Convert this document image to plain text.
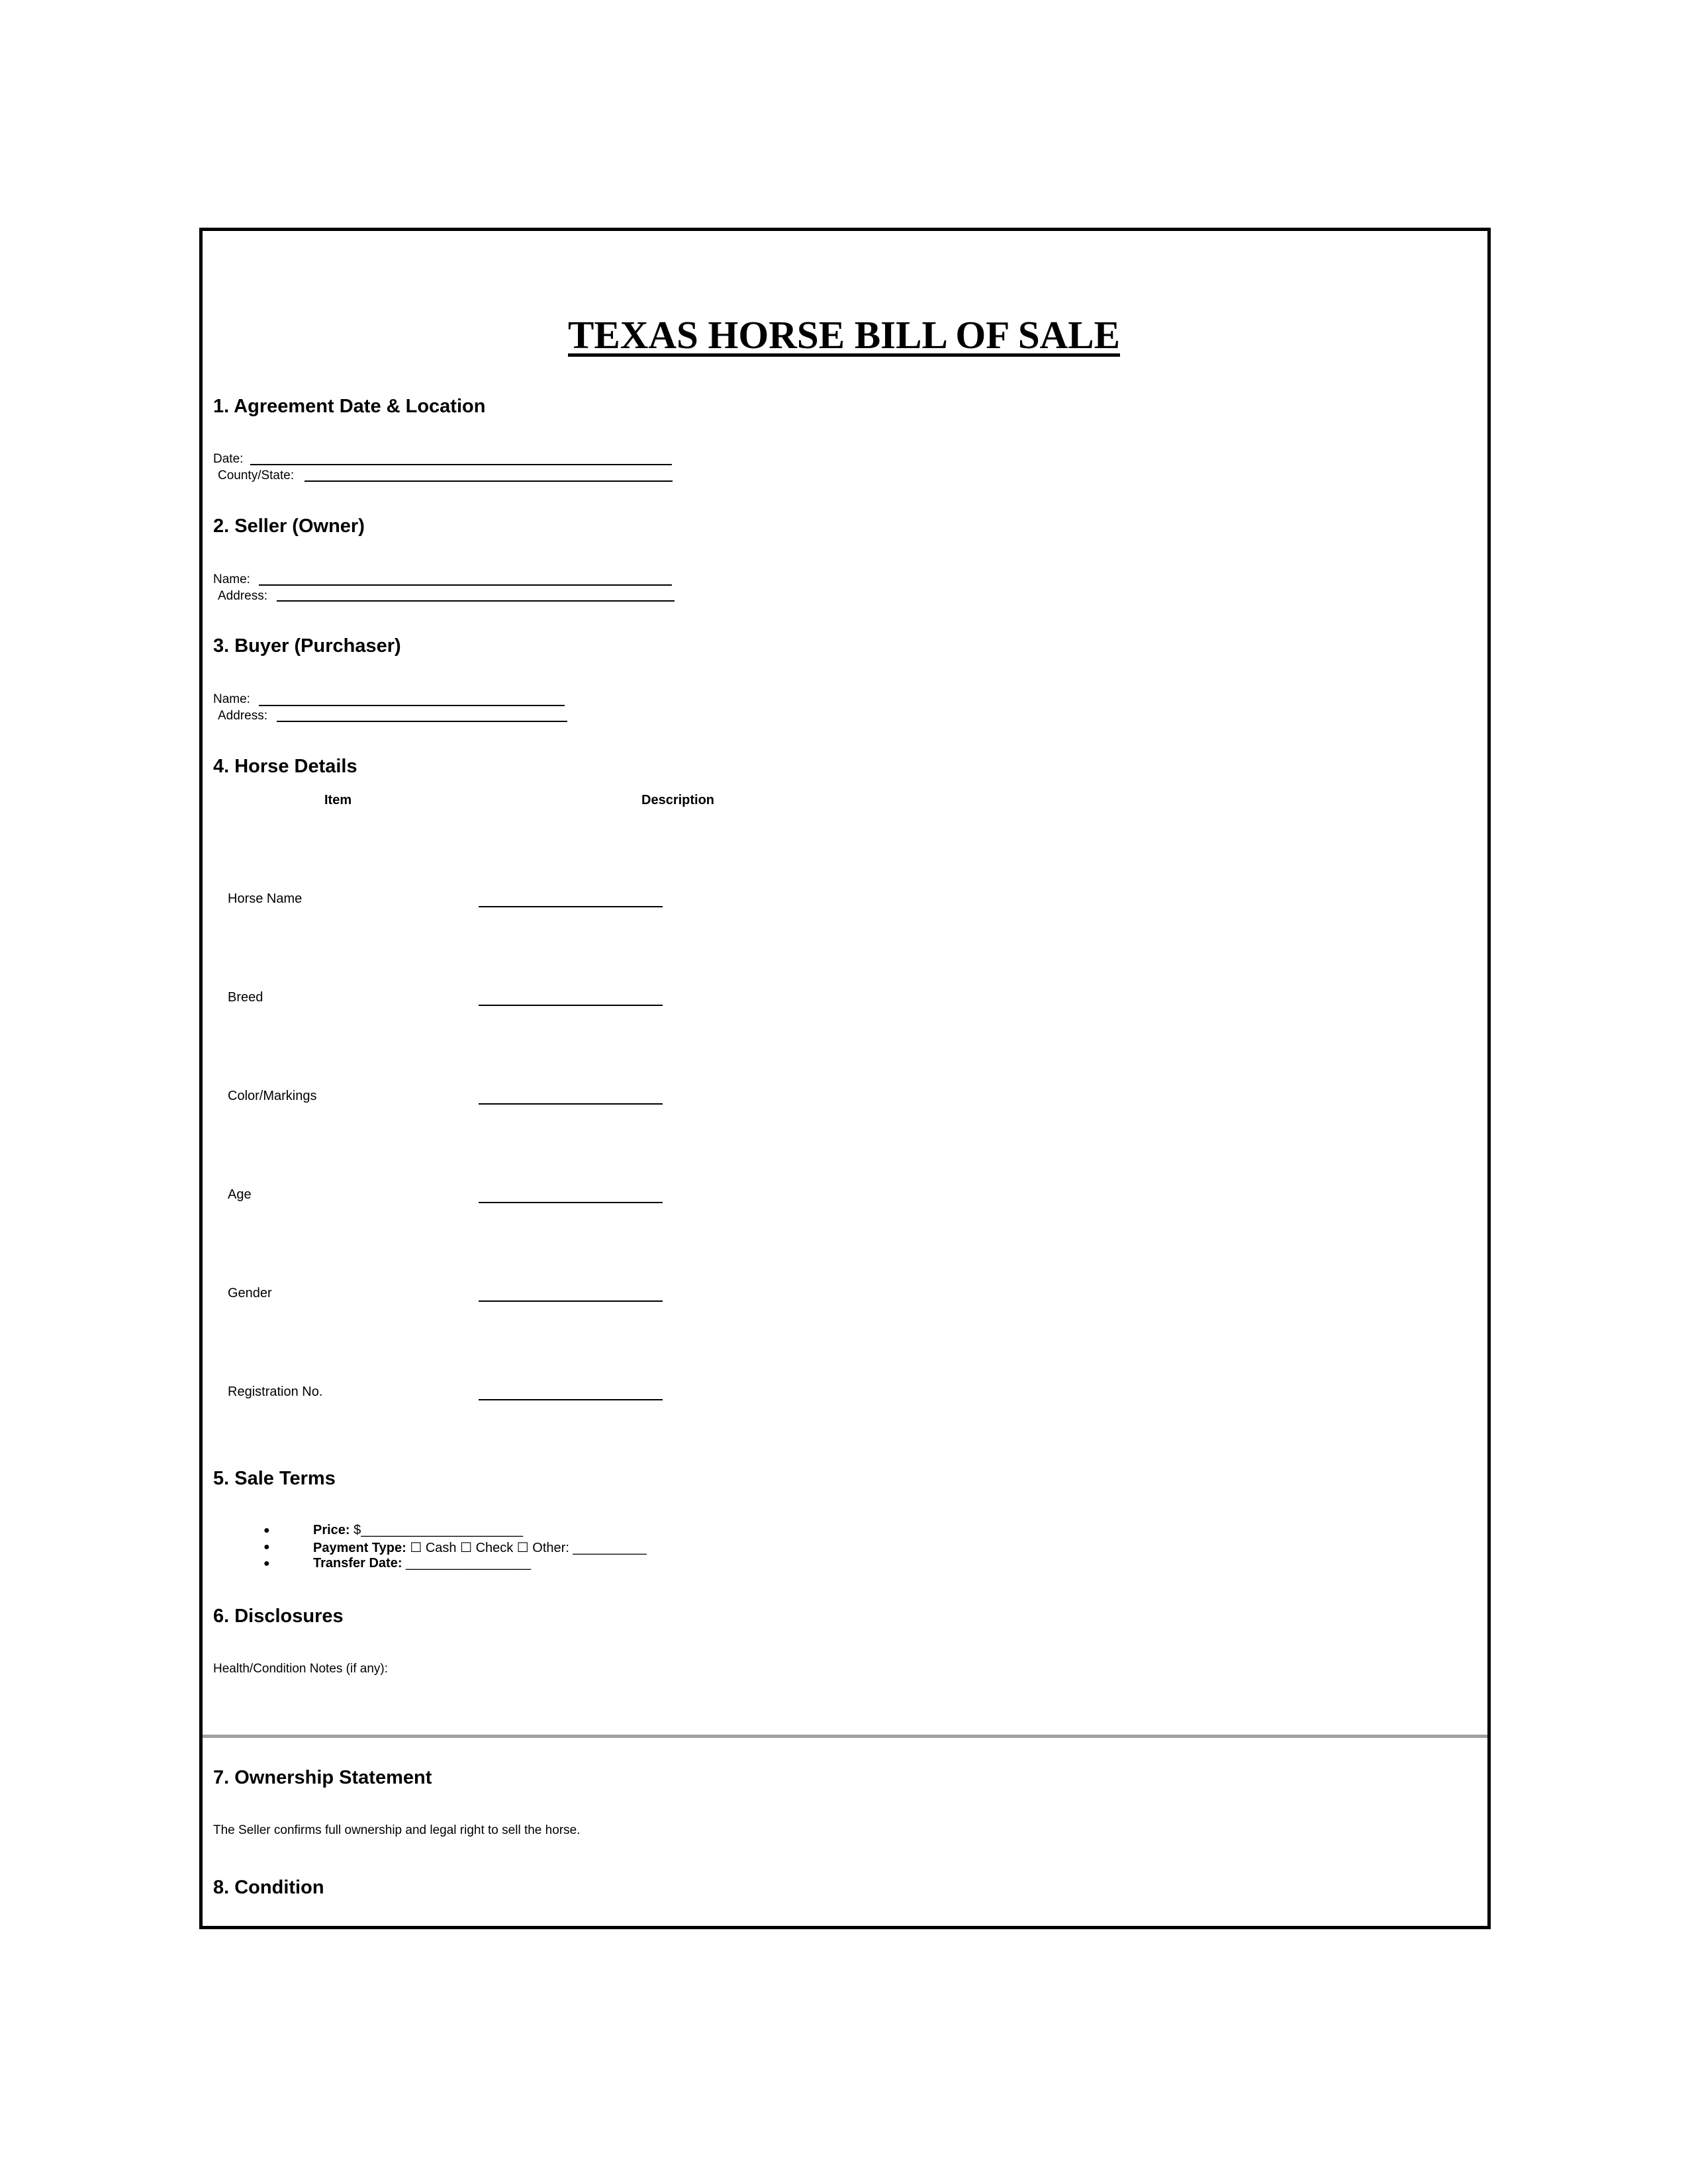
TEXAS HORSE BILL OF SALE
1. Agreement Date & Location
Date:
County/State:
2. Seller (Owner)
Name:
Address:
3. Buyer (Purchaser)
Name:
Address:
4. Horse Details
Item	Description
Horse Name
Breed
Color/Markings
Age
Gender
Registration No.
5. Sale Terms
●	Price: $______________________
●	Payment Type: ☐ Cash ☐ Check ☐ Other: __________
●	Transfer Date: _________________
6. Disclosures
Health/Condition Notes (if any):
7. Ownership Statement
The Seller confirms full ownership and legal right to sell the horse.
8. Condition
